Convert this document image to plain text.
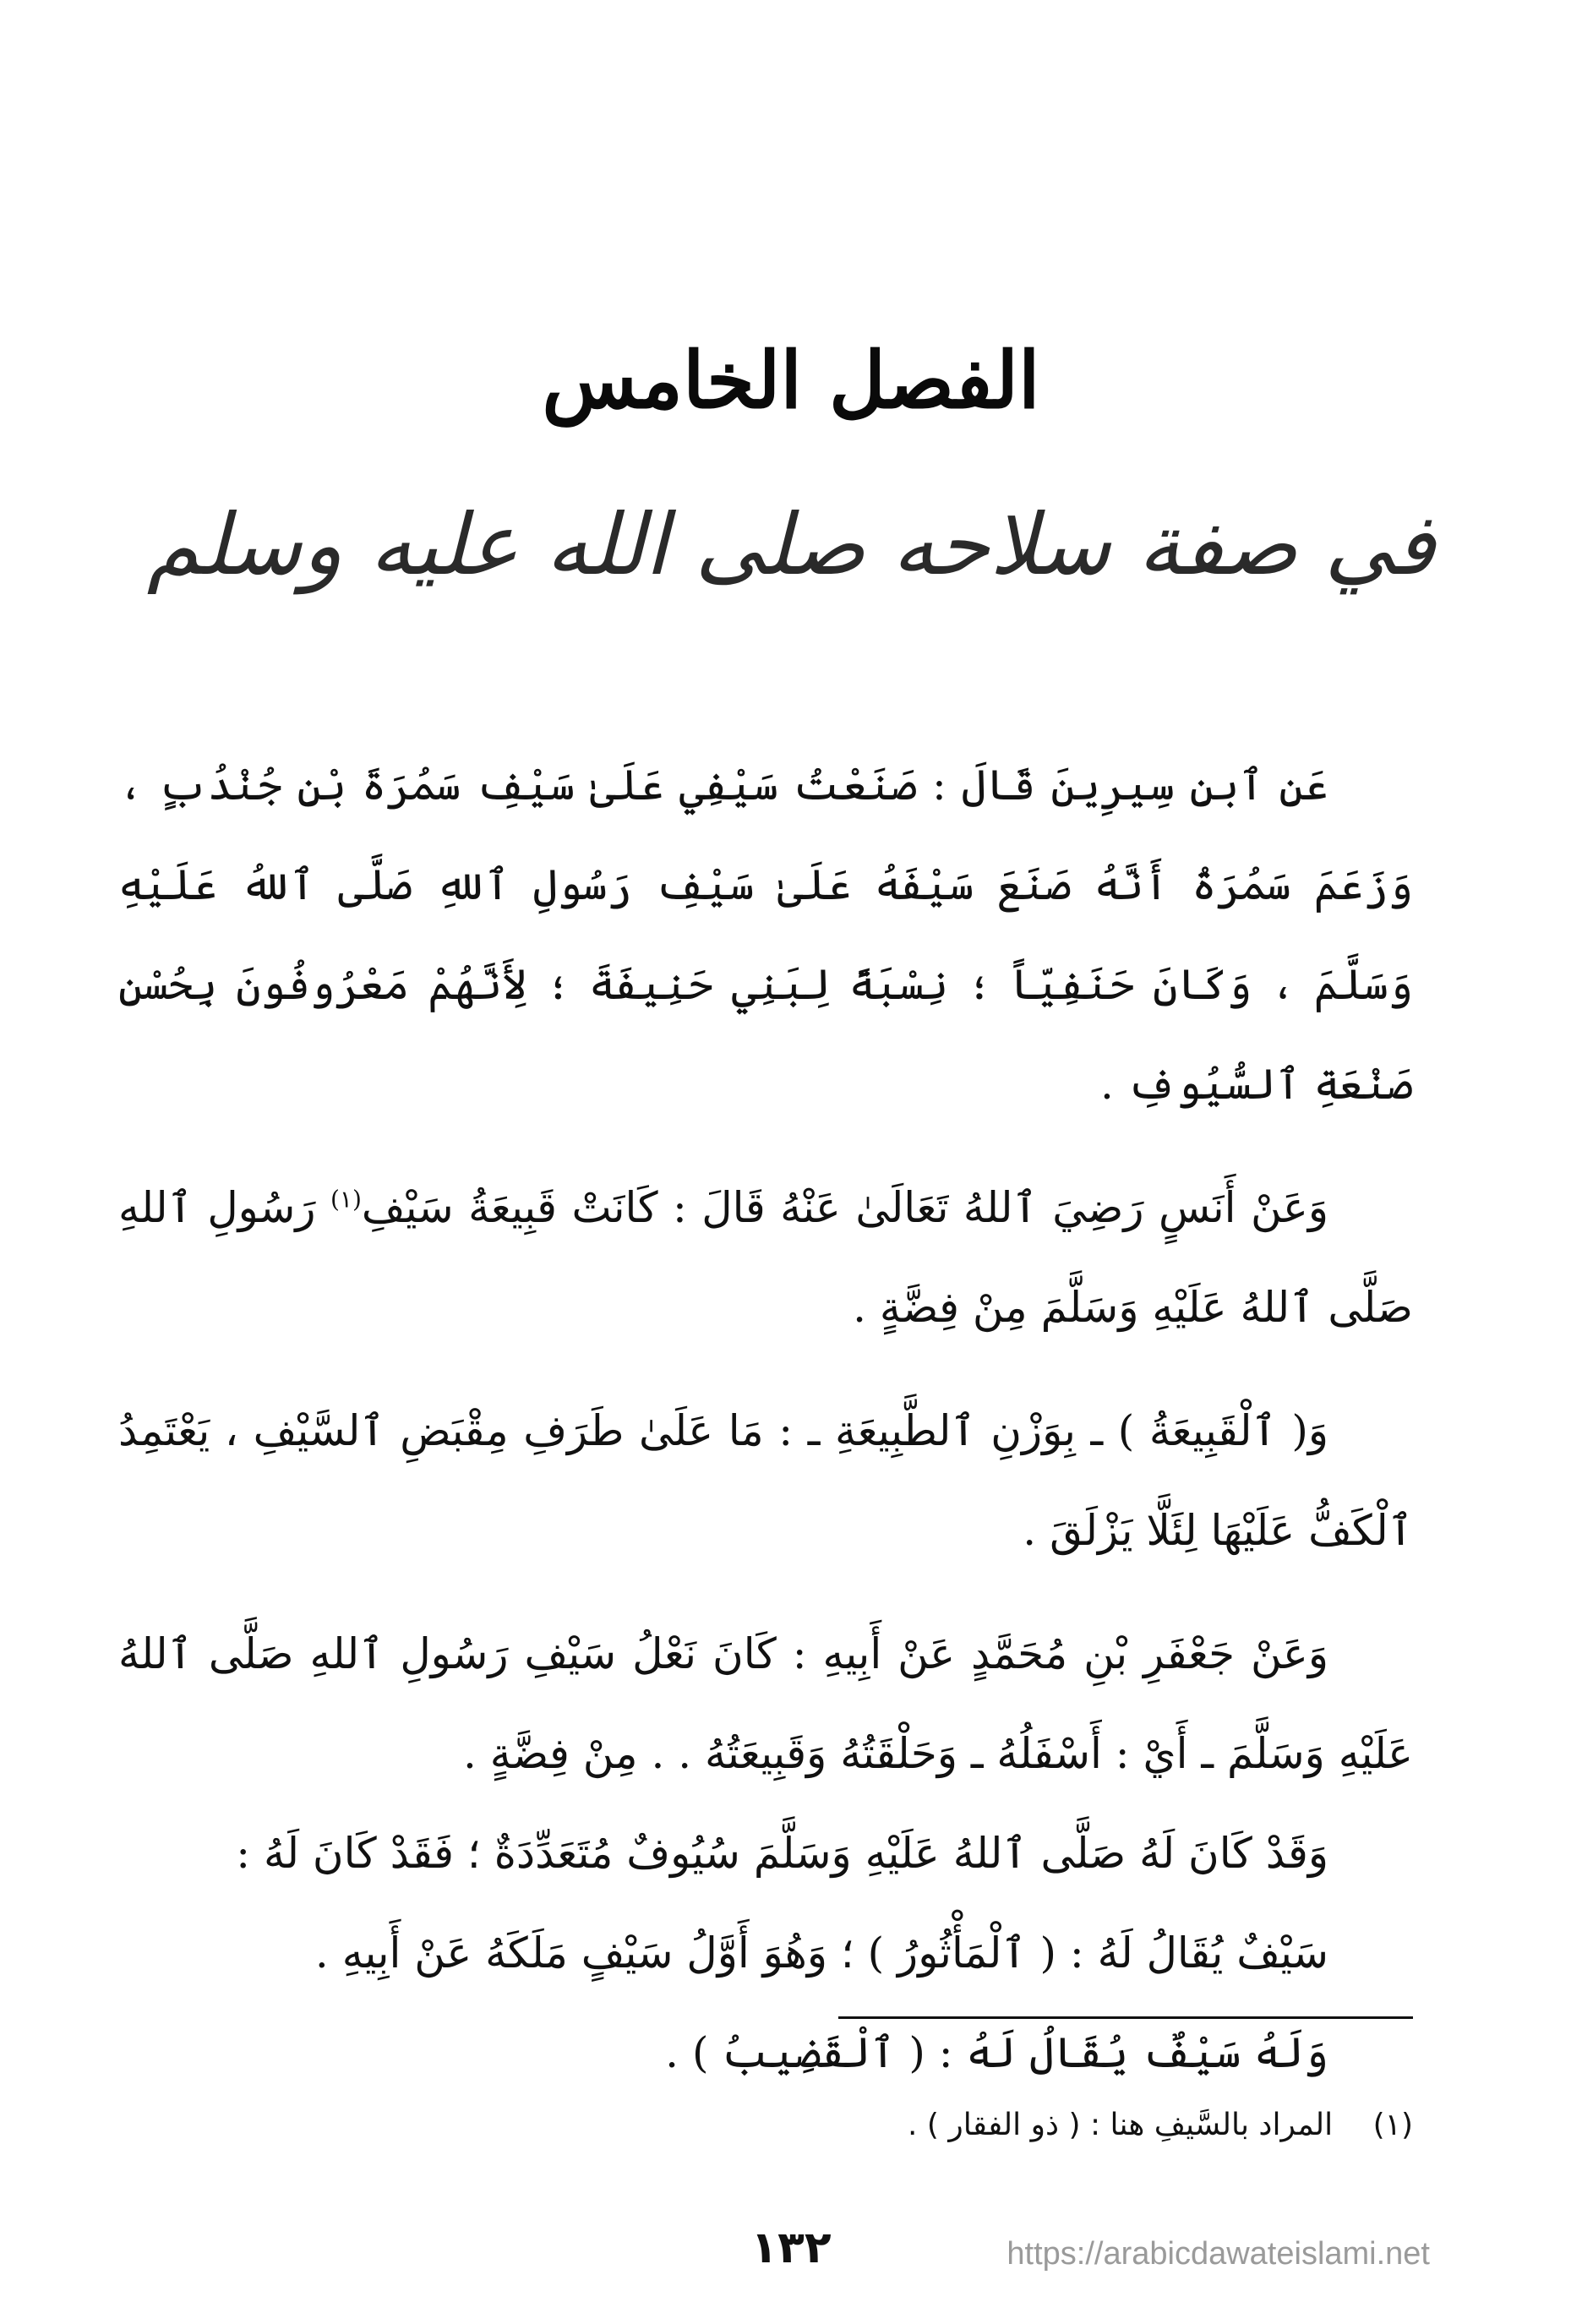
الفصل الخامس
في صفة سلاحه صلى الله عليه وسلم

عَنِ ٱبنِ سِيرِينَ قَالَ : صَنَعْتُ سَيْفِي عَلَىٰ سَيْفِ سَمُرَةَ بْنِ جُنْدُبٍ ، وَزَعَمَ سَمُرَةُ أَنَّهُ صَنَعَ سَيْفَهُ عَلَىٰ سَيْفِ رَسُولِ ٱللهِ صَلَّى ٱللهُ عَلَيْهِ وَسَلَّمَ ، وَكَانَ حَنَفِيّاً ؛ نِسْبَةً لِبَنِي حَنِيفَةَ ؛ لِأَنَّهُمْ مَعْرُوفُونَ بِحُسْنِ صَنْعَةِ ٱلسُّيُوفِ .

وَعَنْ أَنَسٍ رَضِيَ ٱللهُ تَعَالَىٰ عَنْهُ قَالَ : كَانَتْ قَبِيعَةُ سَيْفِ$^{(١)}$ رَسُولِ ٱللهِ صَلَّى ٱللهُ عَلَيْهِ وَسَلَّمَ مِنْ فِضَّةٍ .

وَ( ٱلْقَبِيعَةُ ) ـ بِوَزْنِ ٱلطَّبِيعَةِ ـ : مَا عَلَىٰ طَرَفِ مِقْبَضِ ٱلسَّيْفِ ، يَعْتَمِدُ ٱلْكَفُّ عَلَيْهَا لِئَلَّا يَزْلَقَ .

وَعَنْ جَعْفَرِ بْنِ مُحَمَّدٍ عَنْ أَبِيهِ : كَانَ نَعْلُ سَيْفِ رَسُولِ ٱللهِ صَلَّى ٱللهُ عَلَيْهِ وَسَلَّمَ ـ أَيْ : أَسْفَلُهُ ـ وَحَلْقَتُهُ وَقَبِيعَتُهُ . . مِنْ فِضَّةٍ .

وَقَدْ كَانَ لَهُ صَلَّى ٱللهُ عَلَيْهِ وَسَلَّمَ سُيُوفٌ مُتَعَدِّدَةٌ ؛ فَقَدْ كَانَ لَهُ :

سَيْفٌ يُقَالُ لَهُ : ( ٱلْمَأْثُورُ ) ؛ وَهُوَ أَوَّلُ سَيْفٍ مَلَكَهُ عَنْ أَبِيهِ .

وَلَهُ سَيْفٌ يُقَالُ لَهُ : ( ٱلْقَضِيبُ ) .

(١) المراد بالسَّيفِ هنا : ( ذو الفقار ) .
١٣٢	https://arabicdawateislami.net
